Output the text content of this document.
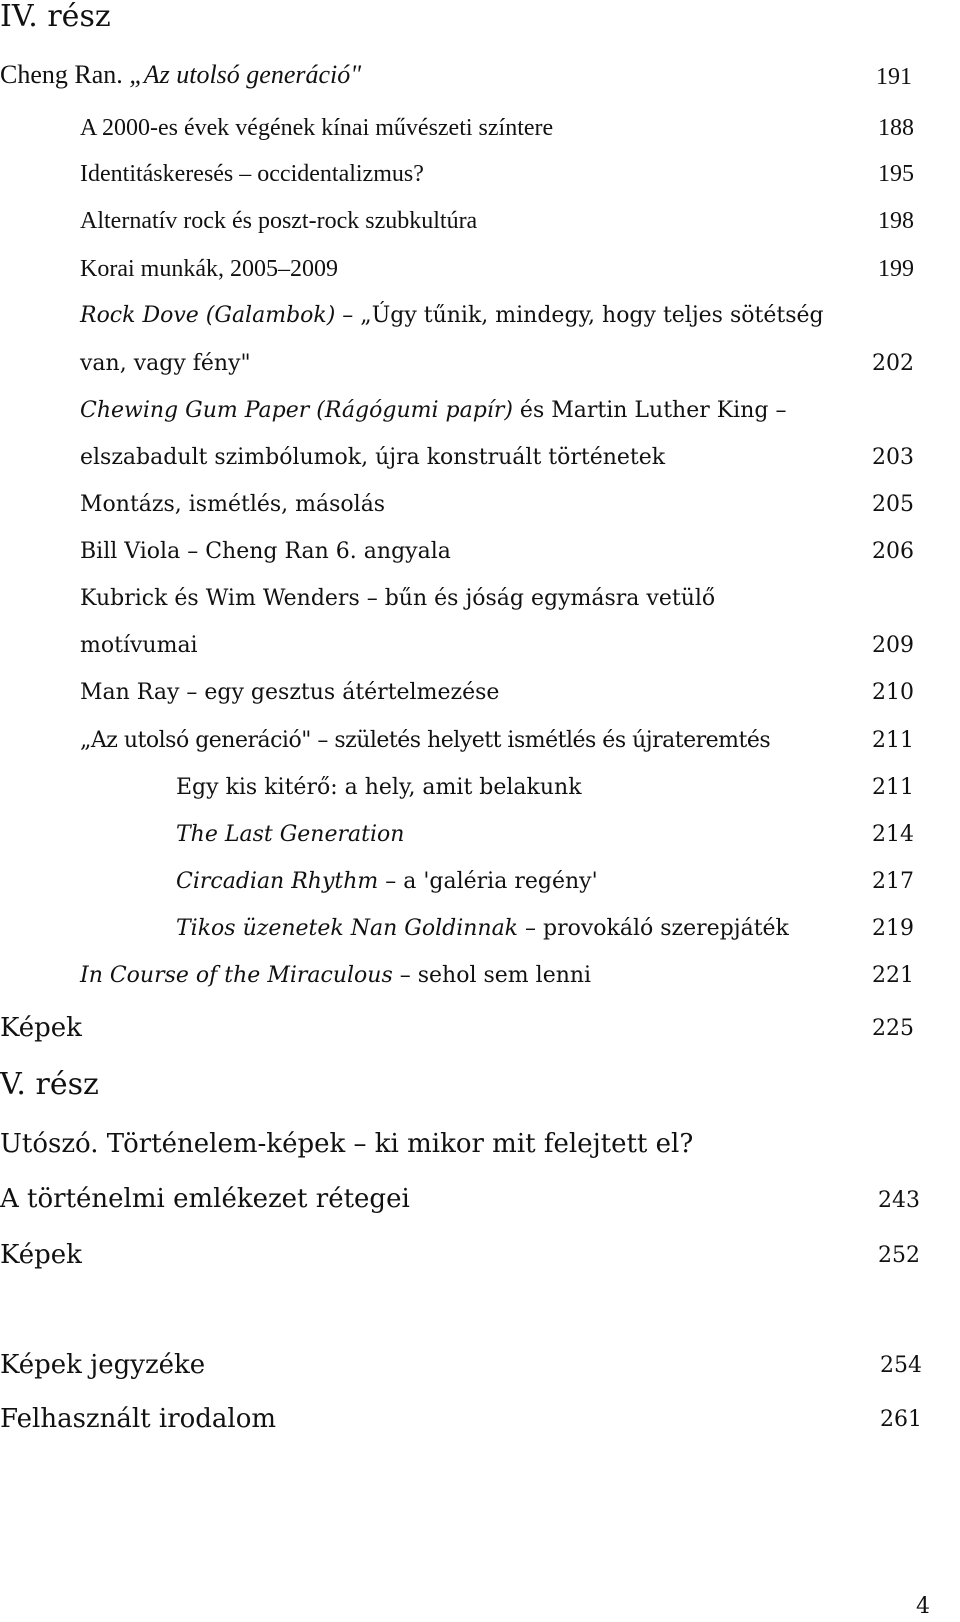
IV. rész
Cheng Ran. „Az utolsó generáció"	191
A 2000-es évek végének kínai művészeti színtere	188
Identitáskeresés – occidentalizmus?	195
Alternatív rock és poszt-rock szubkultúra	198
Korai munkák, 2005–2009	199
Rock Dove (Galambok) – „Úgy tűnik, mindegy, hogy teljes sötétség
van, vagy fény"	202
Chewing Gum Paper (Rágógumi papír) és Martin Luther King –
elszabadult szimbólumok, újra konstruált történetek	203
Montázs, ismétlés, másolás	205
Bill Viola – Cheng Ran 6. angyala	206
Kubrick és Wim Wenders – bűn és jóság egymásra vetülő
motívumai	209
Man Ray – egy gesztus átértelmezése	210
„Az utolsó generáció" – születés helyett ismétlés és újrateremtés	211
Egy kis kitérő: a hely, amit belakunk	211
The Last Generation	214
Circadian Rhythm – a 'galéria regény'	217
Tikos üzenetek Nan Goldinnak – provokáló szerepjáték	219
In Course of the Miraculous – sehol sem lenni	221
Képek	225
V. rész
Utószó. Történelem-képek – ki mikor mit felejtett el?
A történelmi emlékezet rétegei	243
Képek	252
Képek jegyzéke	254
Felhasznált irodalom	261
4
